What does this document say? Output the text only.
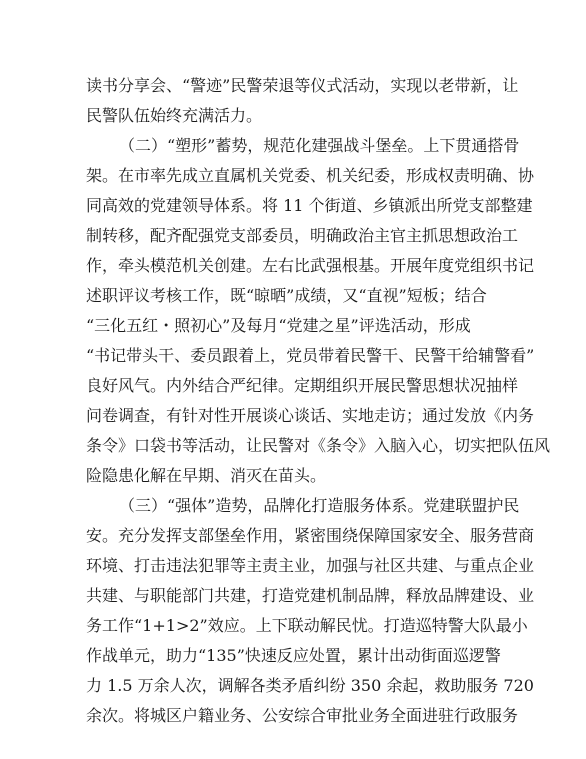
读书分享会、“警迹”民警荣退等仪式活动，实现以老带新，让
民警队伍始终充满活力。
（二）“塑形”蓄势，规范化建强战斗堡垒。上下贯通搭骨
架。在市率先成立直属机关党委、机关纪委，形成权责明确、协
同高效的党建领导体系。将 11 个街道、乡镇派出所党支部整建
制转移，配齐配强党支部委员，明确政治主官主抓思想政治工
作，牵头模范机关创建。左右比武强根基。开展年度党组织书记
述职评议考核工作，既“晾晒”成绩，又“直视”短板；结合
“三化五红・照初心”及每月“党建之星”评选活动，形成
“书记带头干、委员跟着上，党员带着民警干、民警干给辅警看”
良好风气。内外结合严纪律。定期组织开展民警思想状况抽样
问卷调查，有针对性开展谈心谈话、实地走访；通过发放《内务
条令》口袋书等活动，让民警对《条令》入脑入心，切实把队伍风
险隐患化解在早期、消灭在苗头。
（三）“强体”造势，品牌化打造服务体系。党建联盟护民
安。充分发挥支部堡垒作用，紧密围绕保障国家安全、服务营商
环境、打击违法犯罪等主责主业，加强与社区共建、与重点企业
共建、与职能部门共建，打造党建机制品牌，释放品牌建设、业
务工作“1+1>2”效应。上下联动解民忧。打造巡特警大队最小
作战单元，助力“135”快速反应处置，累计出动街面巡逻警
力 1.5 万余人次，调解各类矛盾纠纷 350 余起，救助服务 720
余次。将城区户籍业务、公安综合审批业务全面进驻行政服务
